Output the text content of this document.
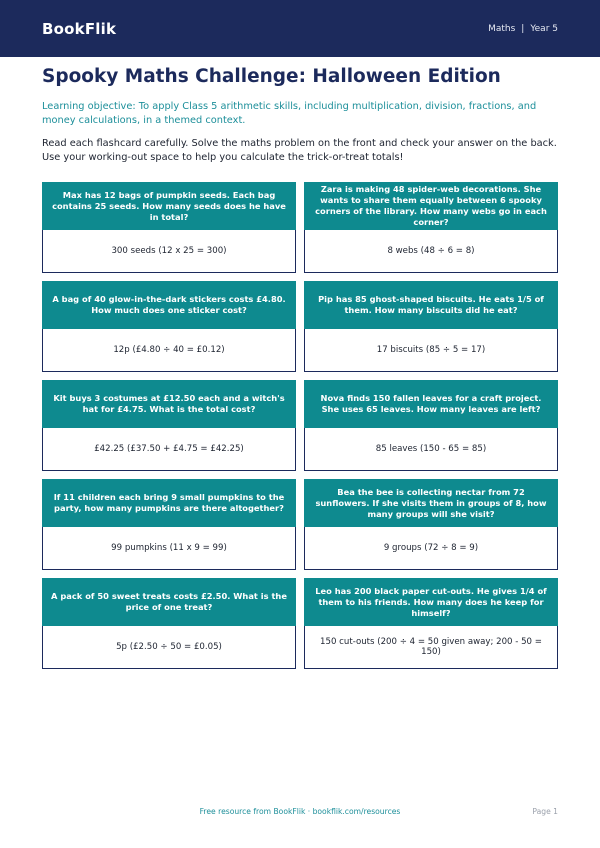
BookFlik	Maths | Year 5
Spooky Maths Challenge: Halloween Edition

Learning objective: To apply Class 5 arithmetic skills, including multiplication, division, fractions, and money calculations, in a themed context.

Read each flashcard carefully. Solve the maths problem on the front and check your answer on the back. Use your working-out space to help you calculate the trick-or-treat totals!

Max has 12 bags of pumpkin seeds. Each bag contains 25 seeds. How many seeds does he have in total?
300 seeds (12 x 25 = 300)
Zara is making 48 spider-web decorations. She wants to share them equally between 6 spooky corners of the library. How many webs go in each corner?
8 webs (48 ÷ 6 = 8)
A bag of 40 glow-in-the-dark stickers costs £4.80. How much does one sticker cost?
12p (£4.80 ÷ 40 = £0.12)
Pip has 85 ghost-shaped biscuits. He eats 1/5 of them. How many biscuits did he eat?
17 biscuits (85 ÷ 5 = 17)
Kit buys 3 costumes at £12.50 each and a witch's hat for £4.75. What is the total cost?
£42.25 (£37.50 + £4.75 = £42.25)
Nova finds 150 fallen leaves for a craft project. She uses 65 leaves. How many leaves are left?
85 leaves (150 - 65 = 85)
If 11 children each bring 9 small pumpkins to the party, how many pumpkins are there altogether?
99 pumpkins (11 x 9 = 99)
Bea the bee is collecting nectar from 72 sunflowers. If she visits them in groups of 8, how many groups will she visit?
9 groups (72 ÷ 8 = 9)
A pack of 50 sweet treats costs £2.50. What is the price of one treat?
5p (£2.50 ÷ 50 = £0.05)
Leo has 200 black paper cut-outs. He gives 1/4 of them to his friends. How many does he keep for himself?
150 cut-outs (200 ÷ 4 = 50 given away; 200 - 50 = 150)
Free resource from BookFlik · bookflik.com/resources	Page 1
